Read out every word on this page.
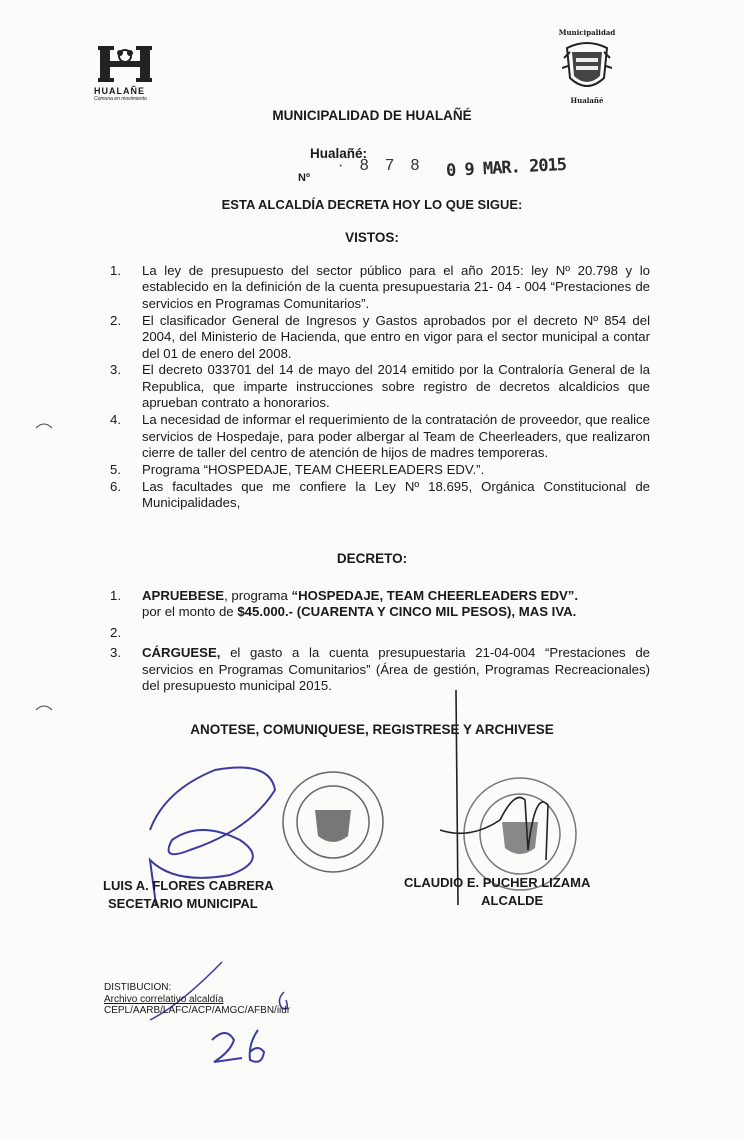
HUALAÑE
Comuna en movimiento
Municipalidad
Hualañé
MUNICIPALIDAD DE HUALAÑÉ
Hualañé:
Nº
· 8 7 8 0 9 MAR. 2015
ESTA ALCALDÍA DECRETA HOY LO QUE SIGUE:
VISTOS:
1. La ley de presupuesto del sector público para el año 2015: ley Nº 20.798 y lo establecido en la definición de la cuenta presupuestaria 21- 04 - 004 “Prestaciones de servicios en Programas Comunitarios”.
2. El clasificador General de Ingresos y Gastos aprobados por el decreto Nº 854 del 2004, del Ministerio de Hacienda, que entro en vigor para el sector municipal a contar del 01 de enero del 2008.
3. El decreto 033701 del 14 de mayo del 2014 emitido por la Contraloría General de la Republica, que imparte instrucciones sobre registro de decretos alcaldicios que aprueban contrato a honorarios.
4. La necesidad de informar el requerimiento de la contratación de proveedor, que realice servicios de Hospedaje, para poder albergar al Team de Cheerleaders, que realizaron cierre de taller del centro de atención de hijos de madres temporeras.
5. Programa “HOSPEDAJE, TEAM CHEERLEADERS EDV.”.
6. Las facultades que me confiere la Ley Nº 18.695, Orgánica Constitucional de Municipalidades,
DECRETO:
1. APRUEBESE, programa “HOSPEDAJE, TEAM CHEERLEADERS EDV”.
por el monto de $45.000.- (CUARENTA Y CINCO MIL PESOS), MAS IVA.
2.

3. CÁRGUESE, el gasto a la cuenta presupuestaria 21-04-004 “Prestaciones de servicios en Programas Comunitarios” (Área de gestión, Programas Recreacionales) del presupuesto municipal 2015.
ANOTESE, COMUNIQUESE, REGISTRESE Y ARCHIVESE
LUIS A. FLORES CABRERA
SECETARIO MUNICIPAL
CLAUDIO E. PUCHER LIZAMA
ALCALDE
DISTIBUCION:
Archivo correlativo alcaldía
CEPL/AARB/LAFC/ACP/AMGC/AFBN/iidr
